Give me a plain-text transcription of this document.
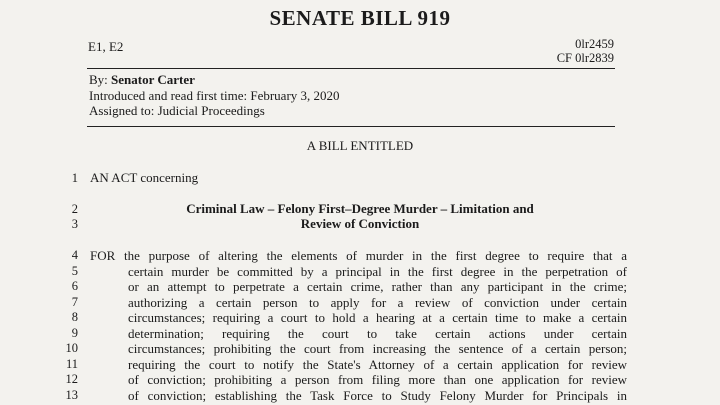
SENATE BILL 919
E1, E2	0lr2459
CF 0lr2839
By: Senator Carter
Introduced and read first time: February 3, 2020
Assigned to: Judicial Proceedings
A BILL ENTITLED
1 AN ACT concerning
2
3
Criminal Law – Felony First–Degree Murder – Limitation and
Review of Conviction
4 FOR the purpose of altering the elements of murder in the first degree to require that a
5	certain murder be committed by a principal in the first degree in the perpetration of
6	or an attempt to perpetrate a certain crime, rather than any participant in the crime;
7	authorizing a certain person to apply for a review of conviction under certain
8	circumstances; requiring a court to hold a hearing at a certain time to make a certain
9	determination; requiring the court to take certain actions under certain
10	circumstances; prohibiting the court from increasing the sentence of a certain person;
11	requiring the court to notify the State's Attorney of a certain application for review
12	of conviction; prohibiting a person from filing more than one application for review
13	of conviction; establishing the Task Force to Study Felony Murder for Principals in
